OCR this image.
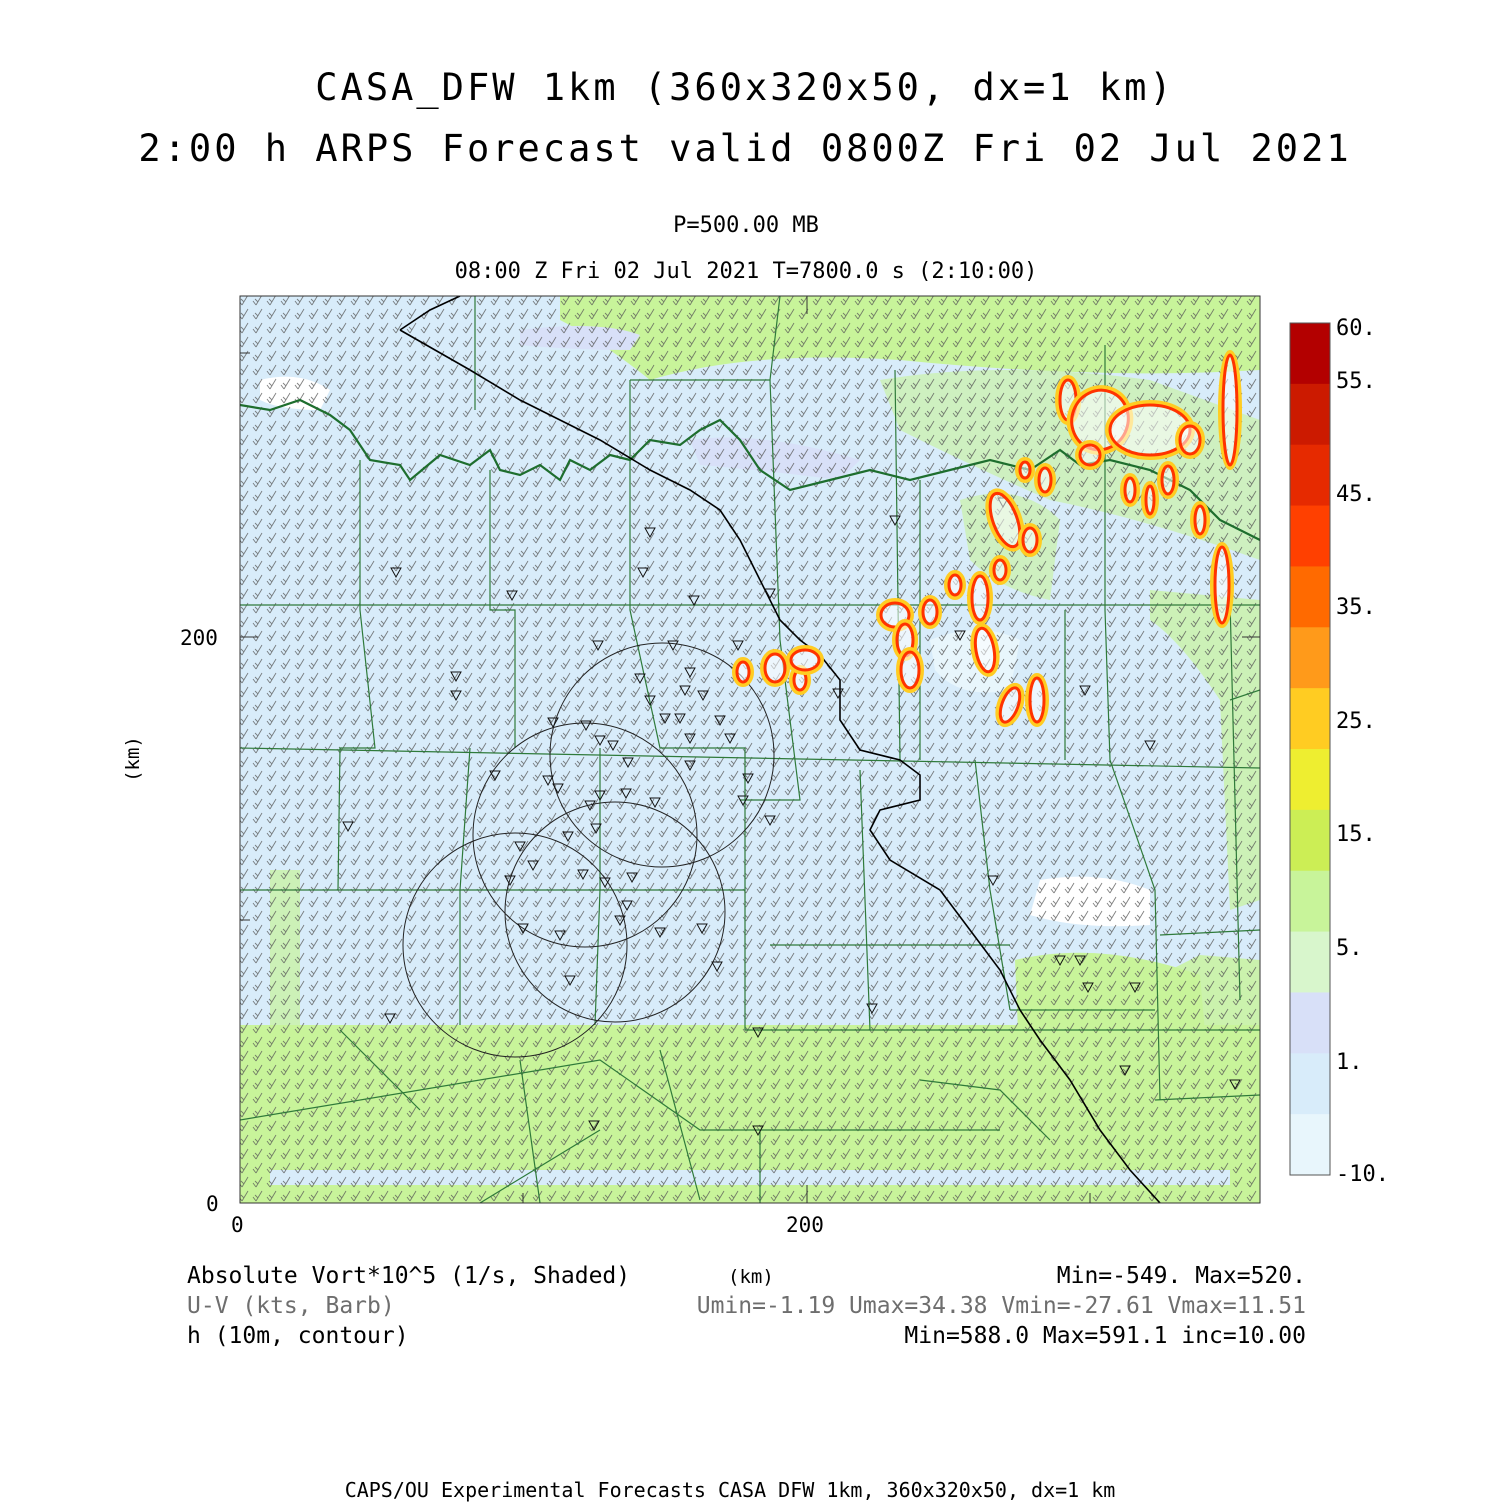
CASA_DFW 1km (360x320x50, dx=1 km)
2:00 h ARPS Forecast valid 0800Z Fri 02 Jul 2021
P=500.00 MB
08:00 Z Fri 02 Jul 2021 T=7800.0 s (2:10:00)
200
0
0	200
(km)
60.
55.
45.
35.
25.
15.
5.
1.
-10.
Absolute Vort*10^5 (1/s, Shaded)
U-V (kts, Barb)
h (10m, contour)
(km)	Min=-549. Max=520.
Umin=-1.19 Umax=34.38 Vmin=-27.61 Vmax=11.51
Min=588.0 Max=591.1 inc=10.00
CAPS/OU Experimental Forecasts CASA DFW 1km, 360x320x50, dx=1 km
